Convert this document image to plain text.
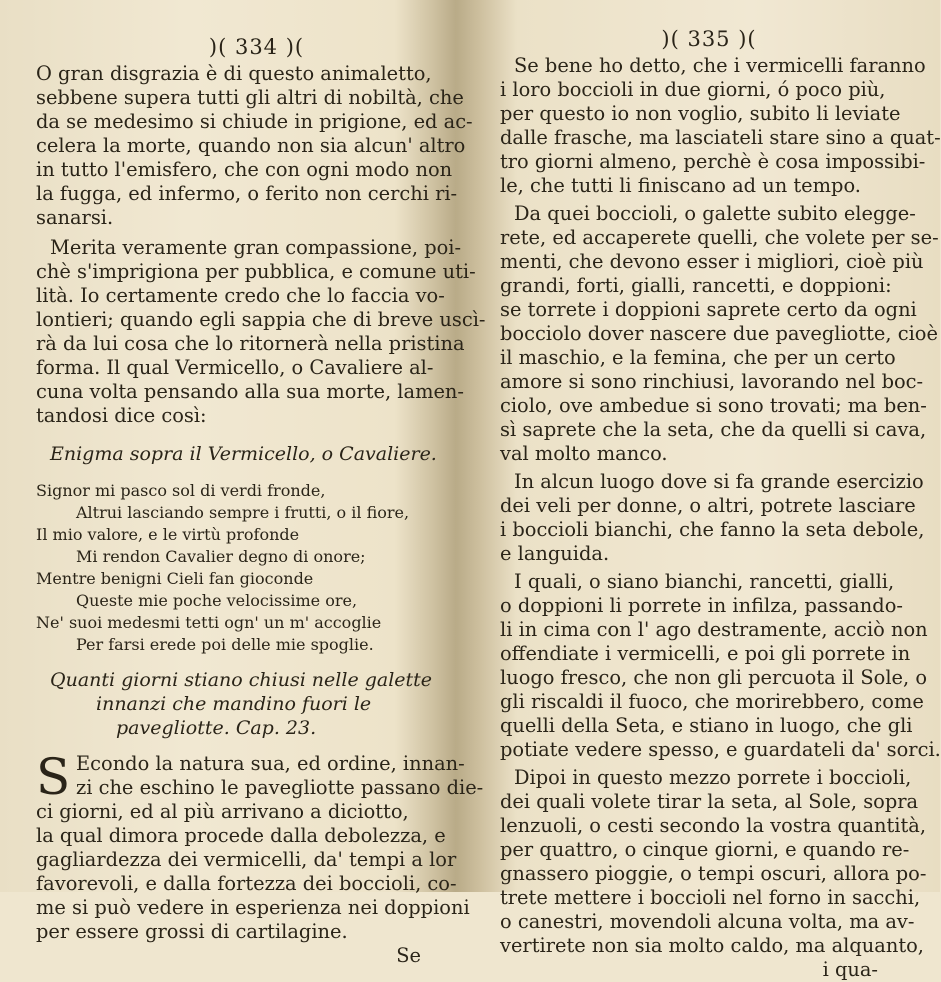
)( 334 )(
O gran disgrazia è di questo animaletto,
sebbene supera tutti gli altri di nobiltà, che
da se medesimo si chiude in prigione, ed ac-
celera la morte, quando non sia alcun' altro
in tutto l'emisfero, che con ogni modo non
la fugga, ed infermo, o ferito non cerchi ri-
sanarsi.
Merita veramente gran compassione, poi-
chè s'imprigiona per pubblica, e comune uti-
lità. Io certamente credo che lo faccia vo-
lontieri; quando egli sappia che di breve uscì-
rà da lui cosa che lo ritornerà nella pristina
forma. Il qual Vermicello, o Cavaliere al-
cuna volta pensando alla sua morte, lamen-
tandosi dice così:
Enigma sopra il Vermicello, o Cavaliere.
Signor mi pasco sol di verdi fronde,
Altrui lasciando sempre i frutti, o il fiore,
Il mio valore, e le virtù profonde
Mi rendon Cavalier degno di onore;
Mentre benigni Cieli fan gioconde
Queste mie poche velocissime ore,
Ne' suoi medesmi tetti ogn' un m' accoglie
Per farsi erede poi delle mie spoglie.
Quanti giorni stiano chiusi nelle galette
innanzi che mandino fuori le
pavegliotte. Cap. 23.
S Econdo la natura sua, ed ordine, innan-
zi che eschino le pavegliotte passano die-
ci giorni, ed al più arrivano a diciotto,
la qual dimora procede dalla debolezza, e
gagliardezza dei vermicelli, da' tempi a lor
favorevoli, e dalla fortezza dei boccioli, co-
me si può vedere in esperienza nei doppioni
per essere grossi di cartilagine.
Se
)( 335 )(
Se bene ho detto, che i vermicelli faranno
i loro boccioli in due giorni, ó poco più,
per questo io non voglio, subito li leviate
dalle frasche, ma lasciateli stare sino a quat-
tro giorni almeno, perchè è cosa impossibi-
le, che tutti li finiscano ad un tempo.
Da quei boccioli, o galette subito elegge-
rete, ed accaperete quelli, che volete per se-
menti, che devono esser i migliori, cioè più
grandi, forti, gialli, rancetti, e doppioni:
se torrete i doppioni saprete certo da ogni
bocciolo dover nascere due pavegliotte, cioè
il maschio, e la femina, che per un certo
amore si sono rinchiusi, lavorando nel boc-
ciolo, ove ambedue si sono trovati; ma ben-
sì saprete che la seta, che da quelli si cava,
val molto manco.
In alcun luogo dove si fa grande esercizio
dei veli per donne, o altri, potrete lasciare
i boccioli bianchi, che fanno la seta debole,
e languida.
I quali, o siano bianchi, rancetti, gialli,
o doppioni li porrete in infilza, passando-
li in cima con l' ago destramente, acciò non
offendiate i vermicelli, e poi gli porrete in
luogo fresco, che non gli percuota il Sole, o
gli riscaldi il fuoco, che morirebbero, come
quelli della Seta, e stiano in luogo, che gli
potiate vedere spesso, e guardateli da' sorci.
Dipoi in questo mezzo porrete i boccioli,
dei quali volete tirar la seta, al Sole, sopra
lenzuoli, o cesti secondo la vostra quantità,
per quattro, o cinque giorni, e quando re-
gnassero pioggie, o tempi oscuri, allora po-
trete mettere i boccioli nel forno in sacchi,
o canestri, movendoli alcuna volta, ma av-
vertirete non sia molto caldo, ma alquanto,
i qua-
